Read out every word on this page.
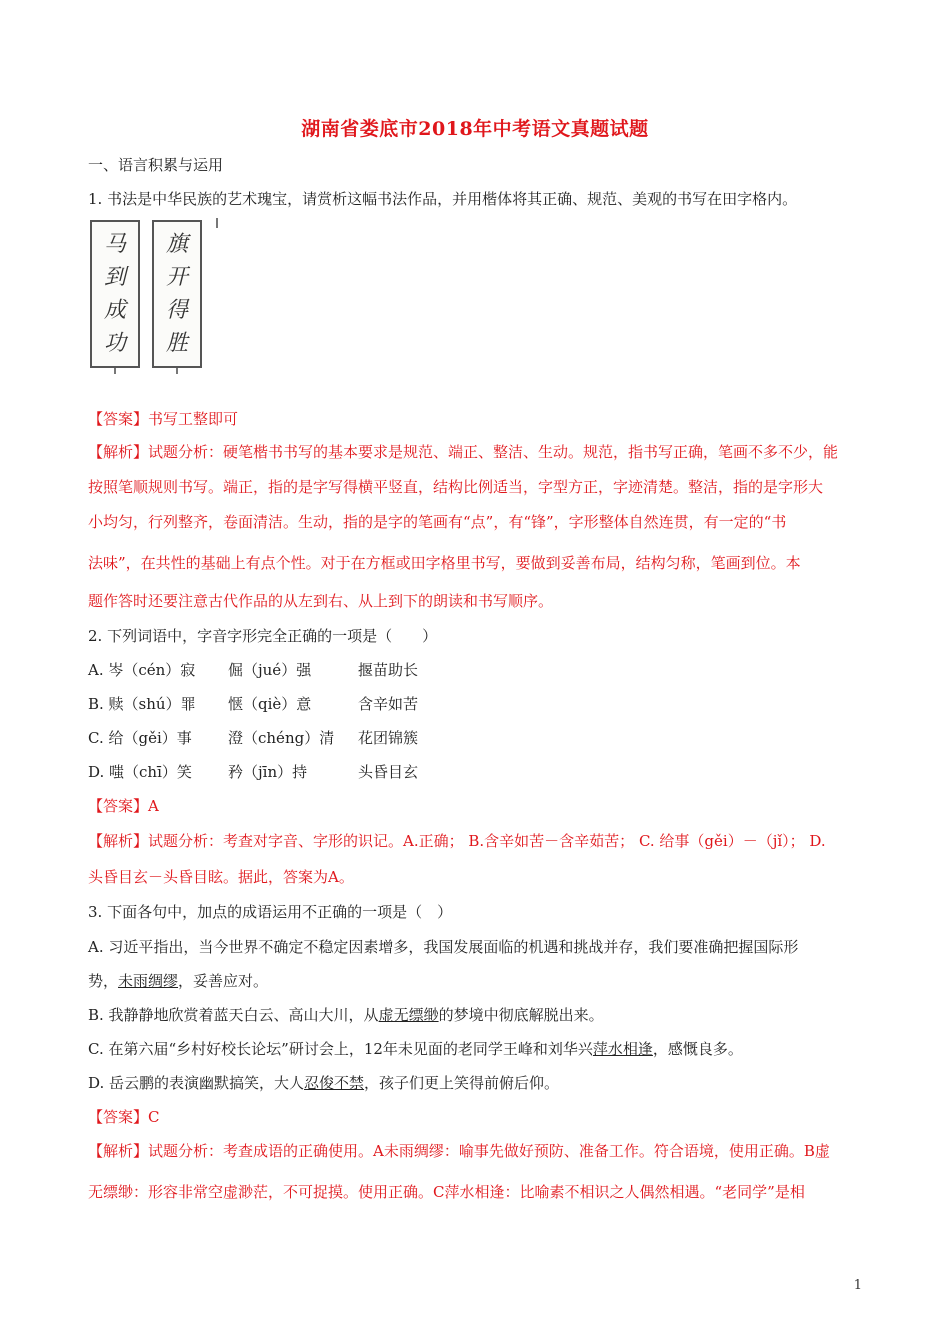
湖南省娄底市2018年中考语文真题试题
一、语言积累与运用
1. 书法是中华民族的艺术瑰宝，请赏析这幅书法作品，并用楷体将其正确、规范、美观的书写在田字格内。
马
到
成
功
旗
开
得
胜
【答案】书写工整即可
【解析】试题分析：硬笔楷书书写的基本要求是规范、端正、整洁、生动。规范，指书写正确，笔画不多不少，能
按照笔顺规则书写。端正，指的是字写得横平竖直，结构比例适当，字型方正，字迹清楚。整洁，指的是字形大
小均匀，行列整齐，卷面清洁。生动，指的是字的笔画有“点”，有“锋”，字形整体自然连贯，有一定的“书
法味”，在共性的基础上有点个性。对于在方框或田字格里书写，要做到妥善布局，结构匀称，笔画到位。本
题作答时还要注意古代作品的从左到右、从上到下的朗读和书写顺序。
2. 下列词语中，字音字形完全正确的一项是（　　）
A. 岑（cén）寂 倔（jué）强	揠苗助长
B. 赎（shú）罪 惬（qiè）意	含辛如苦
C. 给（gěi）事 澄（chéng）清 花团锦簇
D. 嗤（chī）笑 矜（jīn）持	头昏目玄
【答案】A
【解析】试题分析：考查对字音、字形的识记。A.正确； B.含辛如苦－含辛茹苦； C. 给事（gěi）－（jǐ）； D.
头昏目玄－头昏目眩。据此，答案为A。
3. 下面各句中，加点的成语运用不正确的一项是（　）
A. 习近平指出，当今世界不确定不稳定因素增多，我国发展面临的机遇和挑战并存，我们要准确把握国际形
势，未雨绸缪，妥善应对。
B. 我静静地欣赏着蓝天白云、高山大川，从虚无缥缈的梦境中彻底解脱出来。
C. 在第六届“乡村好校长论坛”研讨会上，12年未见面的老同学王峰和刘华兴萍水相逢，感慨良多。
D. 岳云鹏的表演幽默搞笑，大人忍俊不禁，孩子们更上笑得前俯后仰。
【答案】C
【解析】试题分析：考查成语的正确使用。A未雨绸缪：喻事先做好预防、准备工作。符合语境，使用正确。B虚
无缥缈：形容非常空虚渺茫，不可捉摸。使用正确。C萍水相逢：比喻素不相识之人偶然相遇。“老同学”是相
1
